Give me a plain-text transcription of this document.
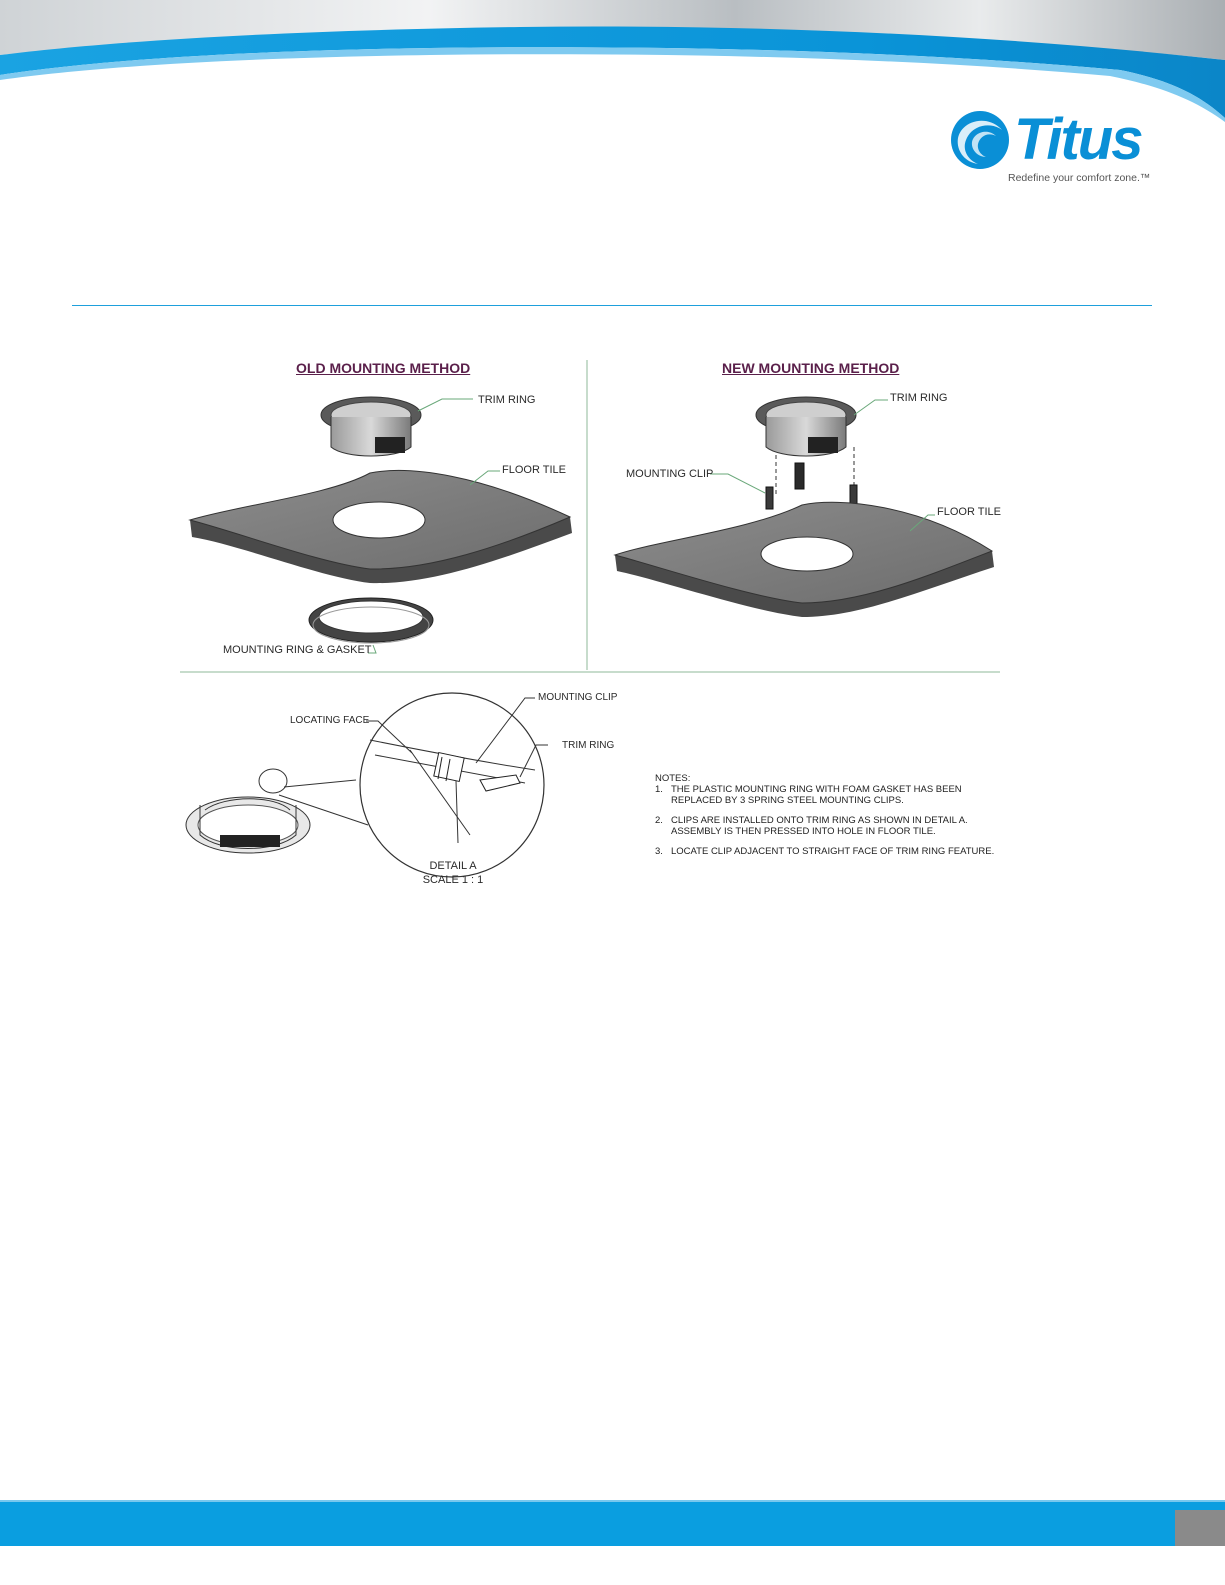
Titus
Redefine your comfort zone.™
OLD MOUNTING METHOD	NEW MOUNTING METHOD
TRIM RING
FLOOR TILE
MOUNTING RING & GASKET
TRIM RING
MOUNTING CLIP
FLOOR TILE
LOCATING FACE
MOUNTING CLIP
TRIM RING
DETAIL A
SCALE 1 : 1
NOTES:
1. THE PLASTIC MOUNTING RING WITH FOAM GASKET HAS BEEN
REPLACED BY 3 SPRING STEEL MOUNTING CLIPS.
2. CLIPS ARE INSTALLED ONTO TRIM RING AS SHOWN IN DETAIL A.
ASSEMBLY IS THEN PRESSED INTO HOLE IN FLOOR TILE.
3. LOCATE CLIP ADJACENT TO STRAIGHT FACE OF TRIM RING FEATURE.
